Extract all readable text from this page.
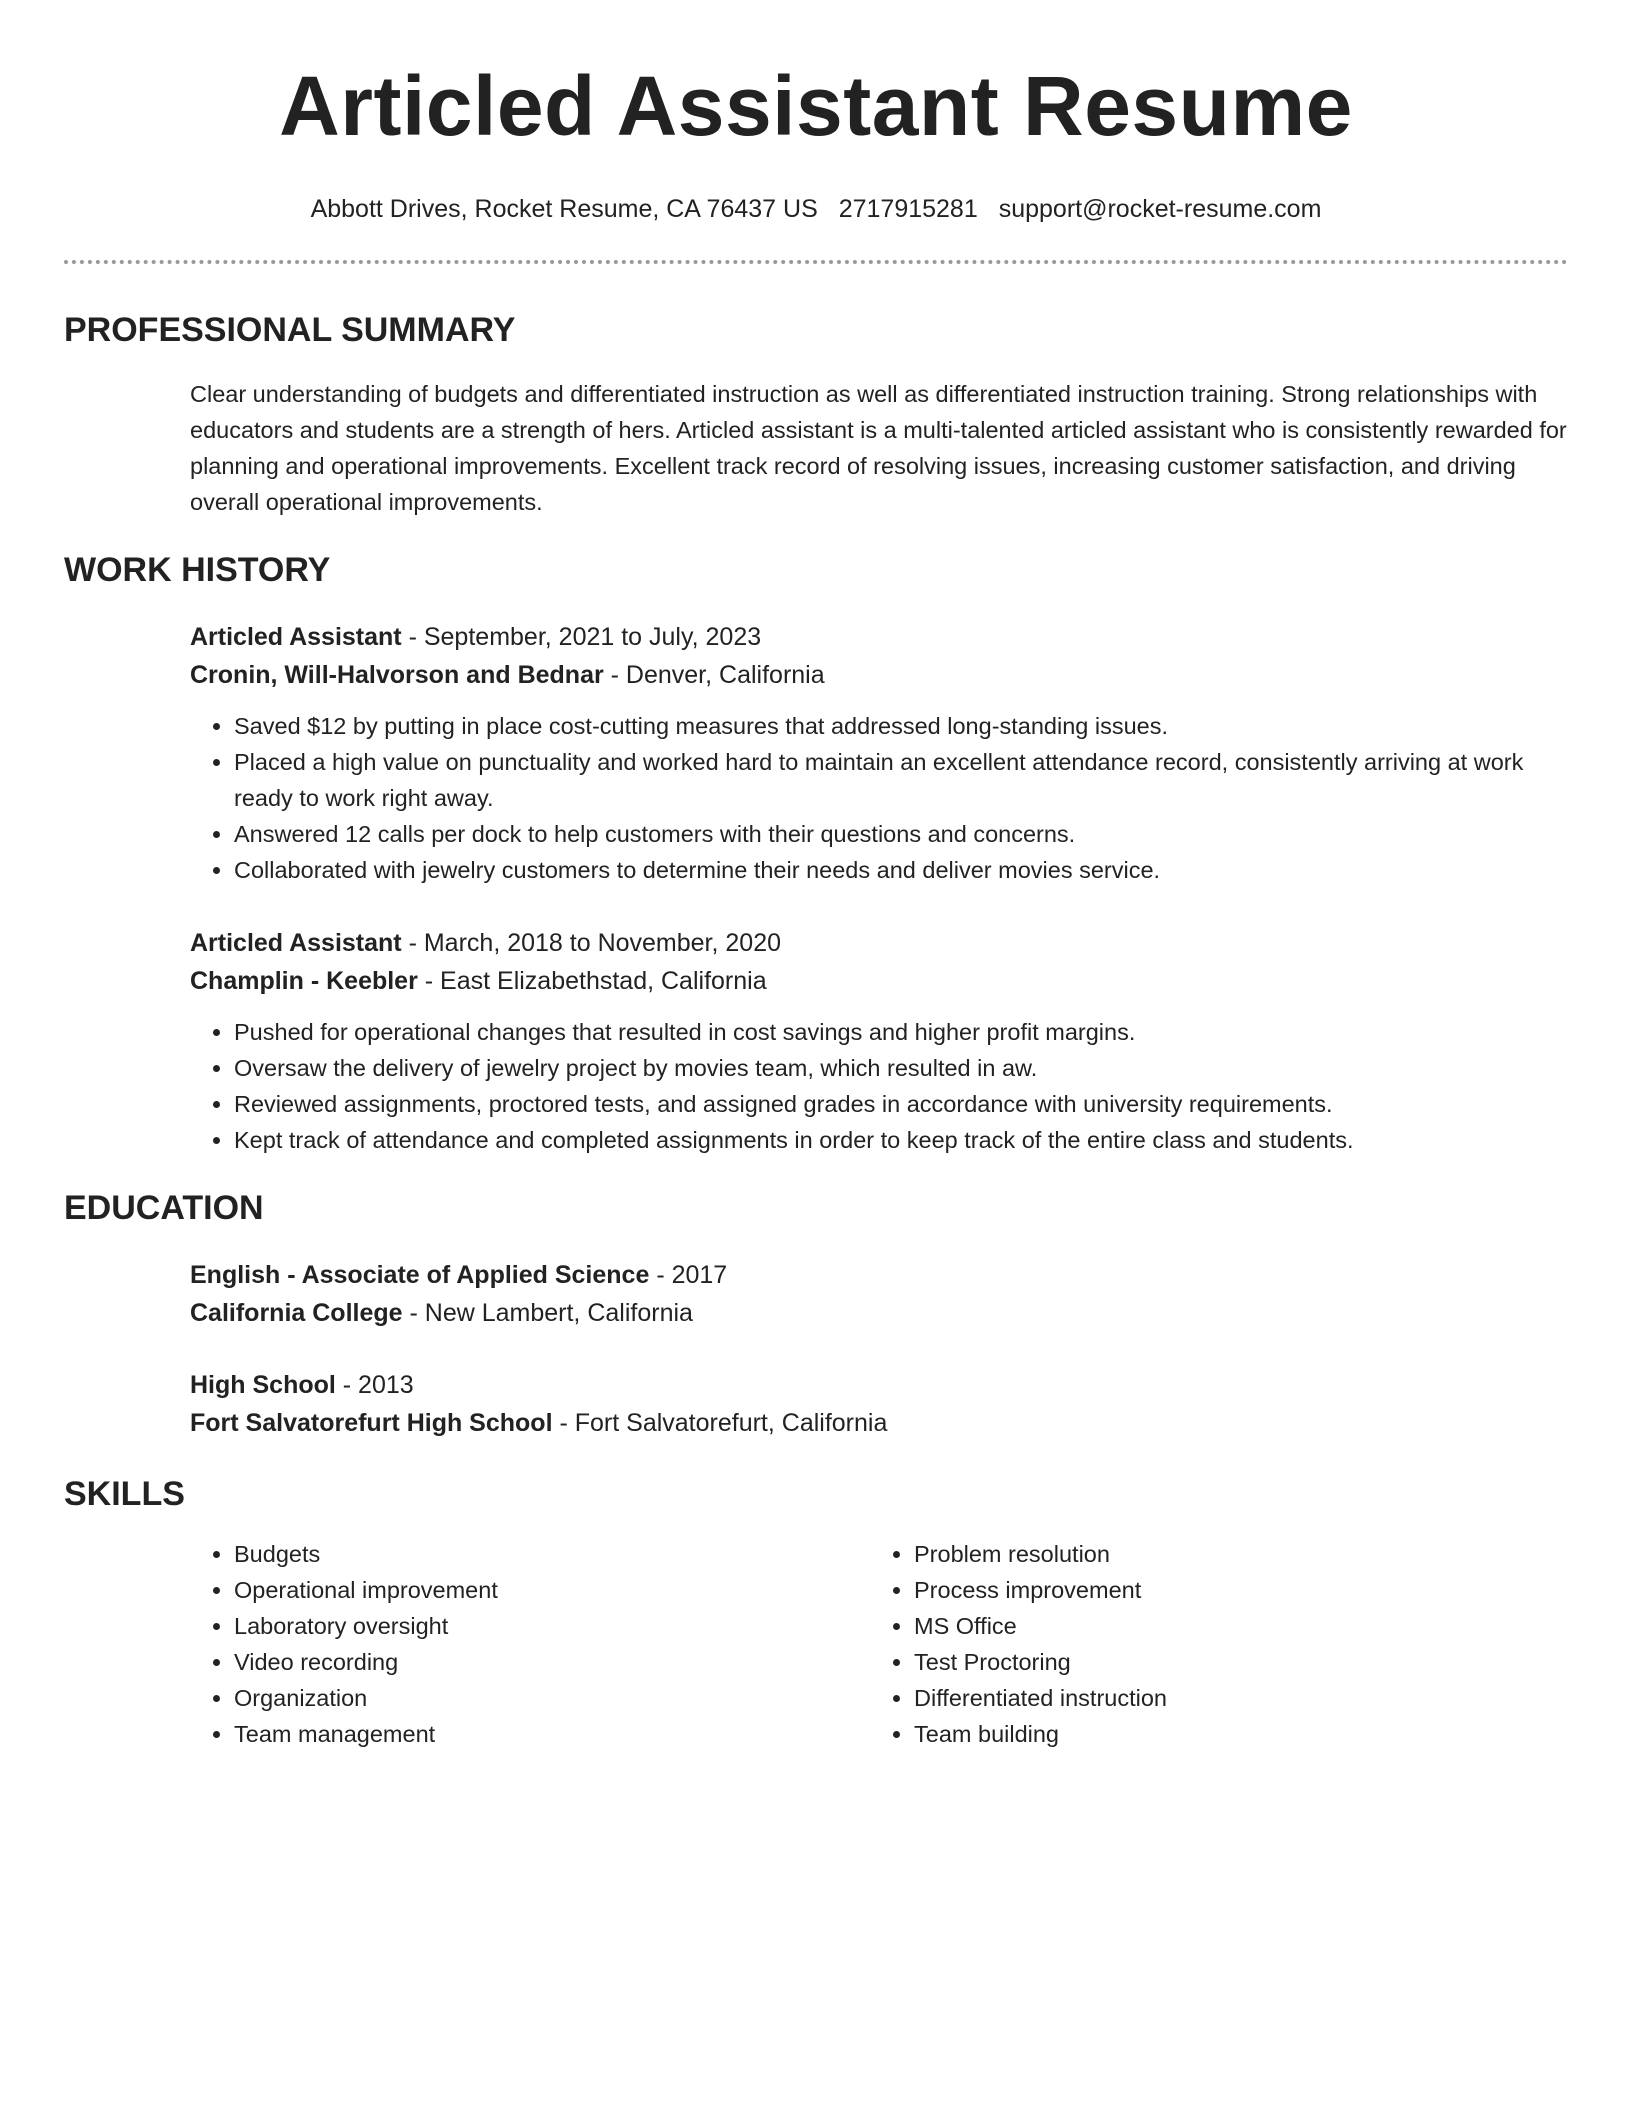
Articled Assistant Resume
Abbott Drives, Rocket Resume, CA 76437 US 2717915281 support@rocket-resume.com
PROFESSIONAL SUMMARY
Clear understanding of budgets and differentiated instruction as well as differentiated instruction training. Strong relationships with educators and students are a strength of hers. Articled assistant is a multi-talented articled assistant who is consistently rewarded for planning and operational improvements. Excellent track record of resolving issues, increasing customer satisfaction, and driving overall operational improvements.
WORK HISTORY
Articled Assistant - September, 2021 to July, 2023
Cronin, Will-Halvorson and Bednar - Denver, California
• Saved $12 by putting in place cost-cutting measures that addressed long-standing issues.
• Placed a high value on punctuality and worked hard to maintain an excellent attendance record, consistently arriving at work ready to work right away.
• Answered 12 calls per dock to help customers with their questions and concerns.
• Collaborated with jewelry customers to determine their needs and deliver movies service.
Articled Assistant - March, 2018 to November, 2020
Champlin - Keebler - East Elizabethstad, California
• Pushed for operational changes that resulted in cost savings and higher profit margins.
• Oversaw the delivery of jewelry project by movies team, which resulted in aw.
• Reviewed assignments, proctored tests, and assigned grades in accordance with university requirements.
• Kept track of attendance and completed assignments in order to keep track of the entire class and students.
EDUCATION
English - Associate of Applied Science - 2017
California College - New Lambert, California
High School - 2013
Fort Salvatorefurt High School - Fort Salvatorefurt, California
SKILLS
• Budgets
• Operational improvement
• Laboratory oversight
• Video recording
• Organization
• Team management
• Problem resolution
• Process improvement
• MS Office
• Test Proctoring
• Differentiated instruction
• Team building
